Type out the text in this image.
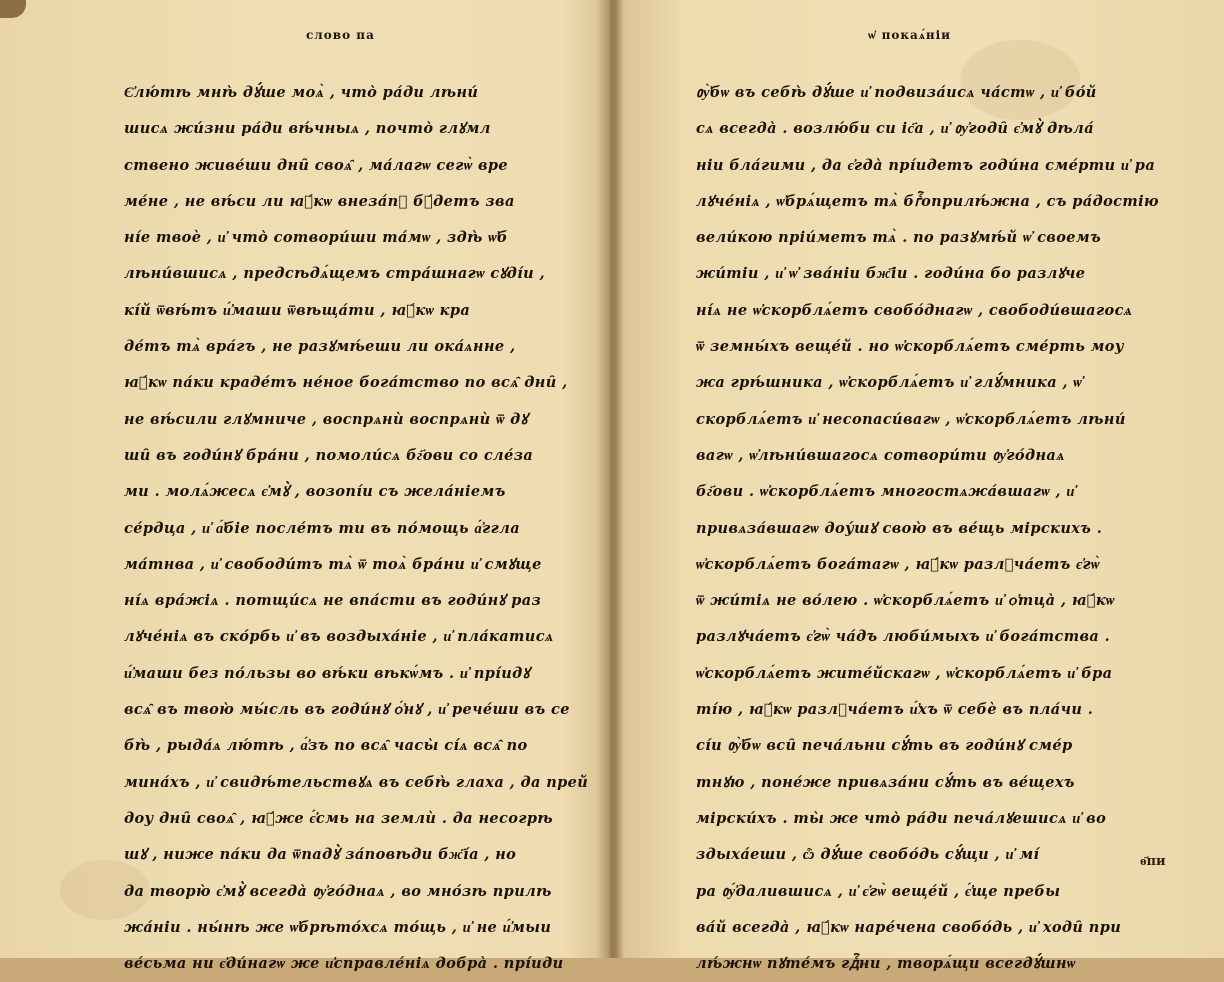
слово па
Є҆лю́тѣ мнѣ̀ дꙋ́ше моѧ̀ , что̀ ра́ди лѣни́
шисѧ жи́зни ра́ди вѣ́чныѧ , почто̀ глꙋмл
ствено живе́ши дни̑ своѧ̑ , ма́лагѡ сегѡ̀ вре
ме́не , не вѣ́си ли ꙗ҆́кѡ внеза́пꙋ бꙋ́детъ зва
ні́е твоѐ , и҆ что̀ сотвори́ши та́мѡ , здѣ̀ ѡ҆б
лѣни́вшисѧ , предсѣдѧ́щемъ стра́шнагѡ сꙋді́и ,
кі́й ѿвѣ́тъ и҆́маши ѿвѣща́ти , ꙗ҆́кѡ кра
де́тъ тѧ̀ вра́гъ , не разꙋмѣ́еши ли ока́ѧнне ,
ꙗ҆́кѡ па́ки краде́тъ не́ное бога́тство по всѧ̑ дни̑ ,
не вѣ́сили глꙋмниче , воспрѧнѝ воспрѧнѝ ѿ дꙋ
ши̑ въ годи́нꙋ бра́ни , помоли́сѧ бг҃ови со сле́за
ми . молѧ́жесѧ є҆мꙋ̀ , возопі́и съ жела́ніемъ
се́рдца , и҆ а҆́біе после́тъ ти въ по́мощь а҆́ггла
ма́тнва , и҆ свободи́тъ тѧ̀ ѿ тоѧ̀ бра́ни и҆ смꙋще
ні́ѧ вра́жіѧ . потщи́сѧ не впа́сти въ годи́нꙋ раз
лꙋче́ніѧ въ ско́рбь и҆ въ воздыха́ніе , и҆ пла́катисѧ
и҆́маши без по́льзы во вѣ́ки вѣкѡ́мъ . и҆ прі́идꙋ
всѧ̑ въ твою̀ мы́сль въ годи́нꙋ ѻ҆́нꙋ , и҆ рече́ши въ се
бѣ̀ , рыда́ѧ лю́тѣ , а҆́зъ по всѧ̑ часы̀ сі́ѧ всѧ̑ по
мина́хъ , и҆ свидѣ́тельствꙋѧ въ себѣ̀ глаха , да прей
доу дни̑ своѧ̑ , ꙗ҆́же є҆́смь на землѝ . да несогрѣ
шꙋ , ниже па́ки да ѿпадꙋ̀ за́повѣди бж҃і́а , но
да творю̀ є҆мꙋ̀ всегда̀ ᲂу҆го́днаѧ , во мно́зѣ прилѣ
жа́ніи . ны́нѣ же ѡ҆брѣто́хсѧ то́щь , и҆ не и҆́мыи
ве́сьма ни є҆ди́нагѡ же и҆справле́ніѧ добра̀ . прі́иди
ѡ҆ покаѧ́ніи
ᲂу҆̀бѡ въ себѣ̀ дꙋ́ше и҆ подвиза́исѧ ча́стѡ , и҆ бо́й
сѧ всегда̀ . возлю́би си іс҃а , и҆ ᲂу҆годи̑ є҆мꙋ̀ дѣла́
ніи бла́гими , да є҆гда̀ прі́идетъ годи́на сме́рти и҆ ра
лꙋче́ніѧ , ѡ҆брѧ́щетъ тѧ̀ бгⷭ҇оприлѣ́жна , съ ра́достію
вели́кою пріи́метъ тѧ̀ . по разꙋмѣ́й ѡ҆ своемъ
жи́тіи , и҆ ѡ҆ зва́ніи бж҃іи . годи́на бо разлꙋче
ні́ѧ не ѡ҆скорблѧ́етъ свобо́днагѡ , свободи́вшагосѧ
ѿ земны́хъ веще́й . но ѡ҆скорблѧ́етъ сме́рть моу
жа грѣ́шника , ѡ҆скорблѧ́етъ и҆ глꙋ́мника , ѡ҆
скорблѧ́етъ и҆ несопаси́вагѡ , ѡ҆скорблѧ́етъ лѣни́
вагѡ , ѡ҆лѣни́вшагосѧ сотвори́ти ᲂу҆го́днаѧ
бг҃ови . ѡ҆скорблѧ́етъ многостѧжа́вшагѡ , и҆
привѧза́вшагѡ доу́шꙋ свою̀ въ ве́щь мірскихъ .
ѡ҆скорблѧ́етъ бога́тагѡ , ꙗ҆́кѡ разлꙋча́етъ є҆гѡ̀
ѿ жи́тіѧ не во́лею . ѡ҆скорблѧ́етъ и҆ ѻ҆тца̀ , ꙗ҆́кѡ
разлꙋча́етъ є҆гѡ̀ ча́дъ люби́мыхъ и҆ бога́тства .
ѡ҆скорблѧ́етъ жите́йскагѡ , ѡ҆скорблѧ́етъ и҆ бра
ті́ю , ꙗ҆́кѡ разлꙋча́етъ и҆́хъ ѿ себѐ въ пла́чи .
сі́и ᲂу҆̀бѡ вси̑ печа́льни сꙋ́ть въ годи́нꙋ сме́р
тнꙋю , поне́же привѧза́ни сꙋ́ть въ ве́щехъ
мірски́хъ . ты̀ же что̀ ра́ди печа́лꙋешисѧ и҆ во
здыха́еши , ѽ дꙋ́ше свобо́дь сꙋ́щи , и҆ мі́
ра ᲂу҆́далившисѧ , и҆ є҆гѡ̀ веще́й , є҆́ще пребы
ва́й всегда̀ , ꙗ҆́кѡ наре́чена свобо́дь , и҆ ходи̑ при
лѣ́жнѡ пꙋте́мъ гдⷭ҇ни , творѧ́щи всегдꙋ́шнѡ
ѳ҃пи
